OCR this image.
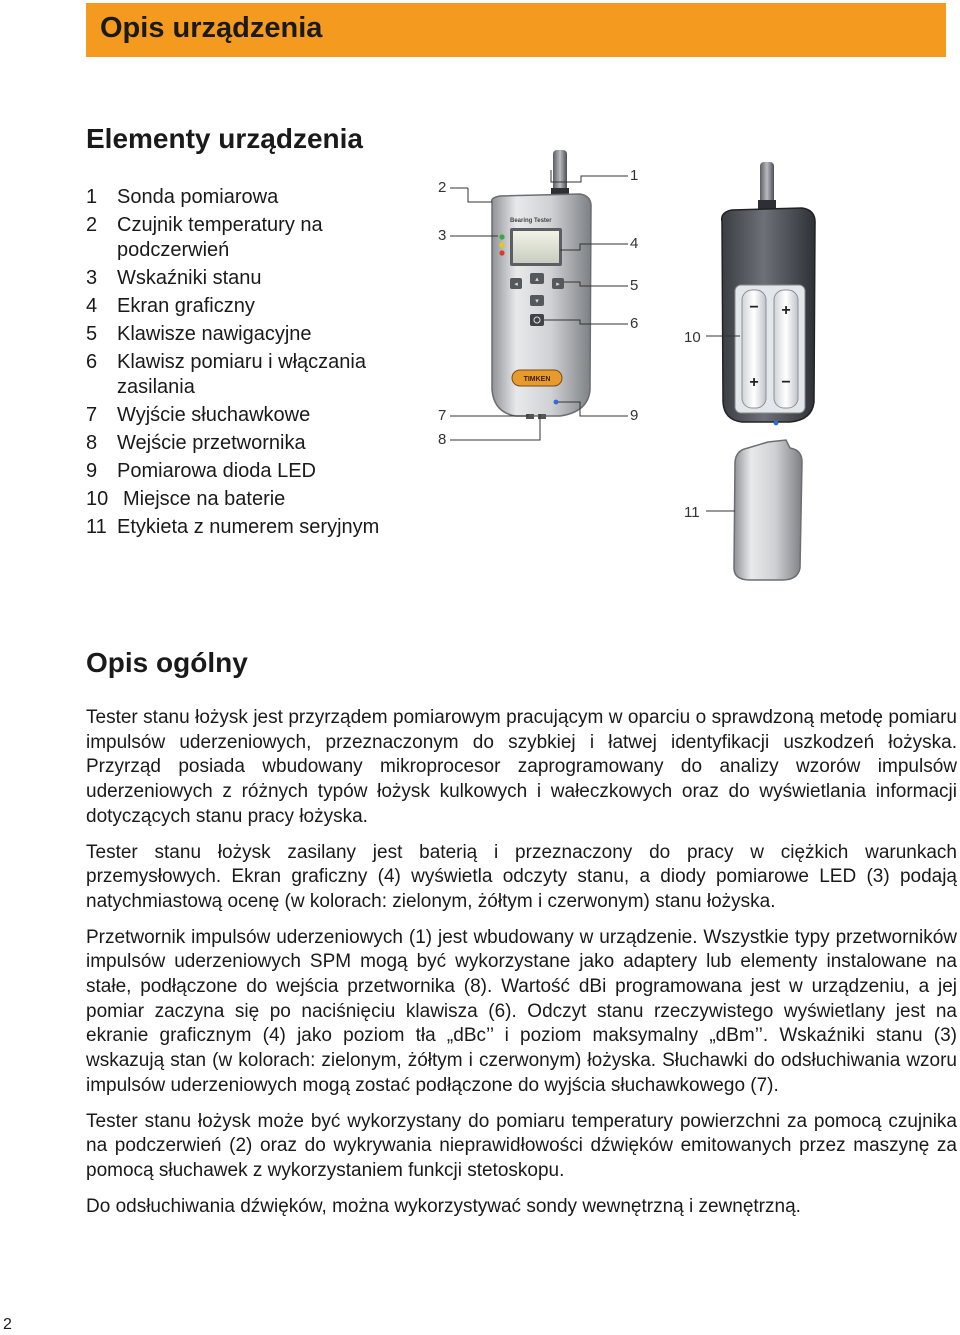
Opis urządzenia
Elementy urządzenia
1 Sonda pomiarowa
2 Czujnik temperatury na podczerwień
3 Wskaźniki stanu
4 Ekran graficzny
5 Klawisze nawigacyjne
6 Klawisz pomiaru i włączania zasilania
7 Wyjście słuchawkowe
8 Wejście przetwornika
9 Pomiarowa dioda LED
10 Miejsce na baterie
11 Etykieta z numerem seryjnym
Bearing Tester
◂
▴
▸
▾
TIMKEN
1
2
3	4
5
6
7
8
9
− +
+ −
10
11
Opis ogólny

Tester stanu łożysk jest przyrządem pomiarowym pracującym w oparciu o sprawdzoną metodę pomiaru impulsów uderzeniowych, przeznaczonym do szybkiej i łatwej identyfikacji uszkodzeń łożyska. Przyrząd posiada wbudowany mikroprocesor zaprogramowany do analizy wzorów impulsów uderzeniowych z różnych typów łożysk kulkowych i wałeczkowych oraz do wyświetlania informacji dotyczących stanu pracy łożyska.

Tester stanu łożysk zasilany jest baterią i przeznaczony do pracy w ciężkich warunkach przemysłowych. Ekran graficzny (4) wyświetla odczyty stanu, a diody pomiarowe LED (3) podają natychmiastową ocenę (w kolorach: zielonym, żółtym i czerwonym) stanu łożyska.

Przetwornik impulsów uderzeniowych (1) jest wbudowany w urządzenie. Wszystkie typy przetworników impulsów uderzeniowych SPM mogą być wykorzystane jako adaptery lub elementy instalowane na stałe, podłączone do wejścia przetwornika (8). Wartość dBi programowana jest w urządzeniu, a jej pomiar zaczyna się po naciśnięciu klawisza (6). Odczyt stanu rzeczywistego wyświetlany jest na ekranie graficznym (4) jako poziom tła „dBc’’ i poziom maksymalny „dBm’’. Wskaźniki stanu (3) wskazują stan (w kolorach: zielonym, żółtym i czerwonym) łożyska. Słuchawki do odsłuchiwania wzoru impulsów uderzeniowych mogą zostać podłączone do wyjścia słuchawkowego (7).

Tester stanu łożysk może być wykorzystany do pomiaru temperatury powierzchni za pomocą czujnika na podczerwień (2) oraz do wykrywania nieprawidłowości dźwięków emitowanych przez maszynę za pomocą słuchawek z wykorzystaniem funkcji stetoskopu.

Do odsłuchiwania dźwięków, można wykorzystywać sondy wewnętrzną i zewnętrzną.

2
